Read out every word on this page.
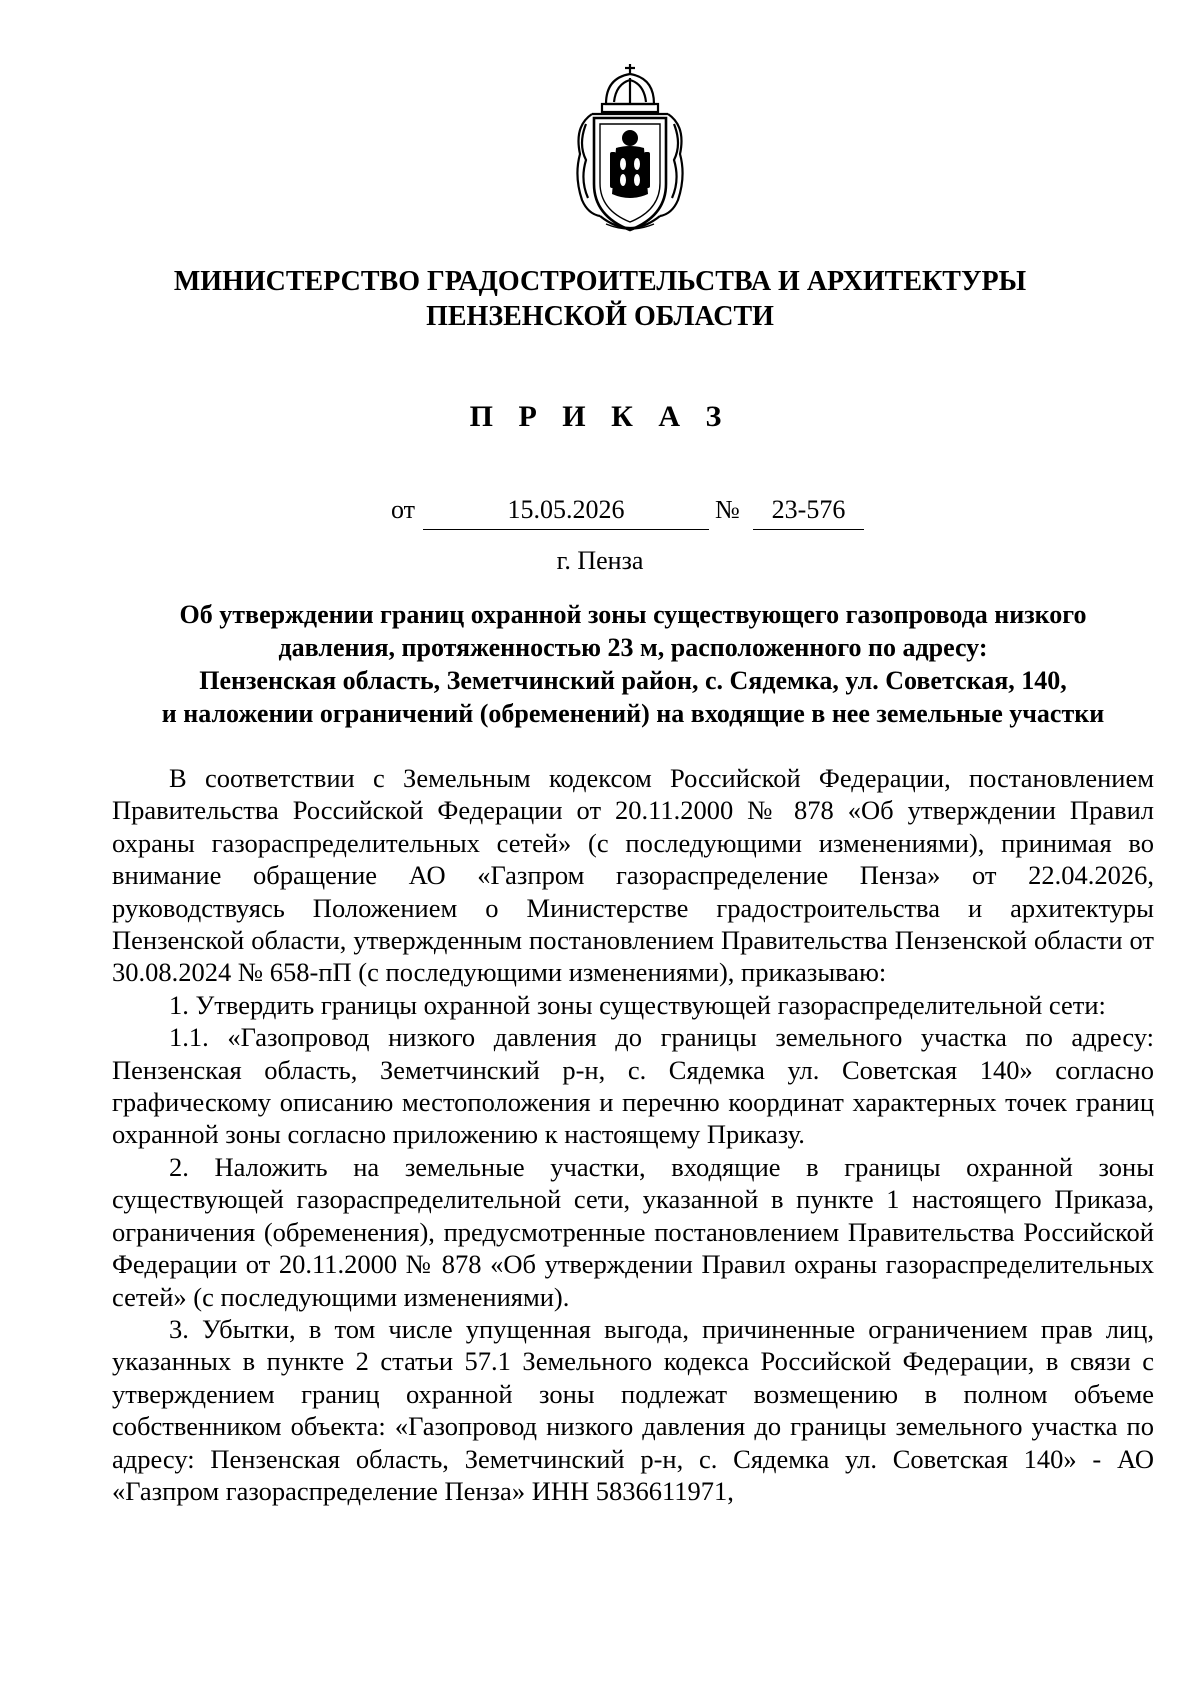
МИНИСТЕРСТВО ГРАДОСТРОИТЕЛЬСТВА И АРХИТЕКТУРЫ
ПЕНЗЕНСКОЙ ОБЛАСТИ
П Р И К А З
от	15.05.2026	№	23-576
г. Пенза
Об утверждении границ охранной зоны существующего газопровода низкого
давления, протяженностью 23 м, расположенного по адресу:
Пензенская область, Земетчинский район, с. Сядемка, ул. Советская, 140,
и наложении ограничений (обременений) на входящие в нее земельные участки

В соответствии с Земельным кодексом Российской Федерации, постановлением Правительства Российской Федерации от 20.11.2000 № 878 «Об утверждении Правил охраны газораспределительных сетей» (с последующими изменениями), принимая во внимание обращение АО «Газпром газораспределение Пенза» от 22.04.2026, руководствуясь Положением о Министерстве градостроительства и архитектуры Пензенской области, утвержденным постановлением Правительства Пензенской области от 30.08.2024 № 658-пП (с последующими изменениями), приказываю:

1. Утвердить границы охранной зоны существующей газораспределительной сети:

1.1. «Газопровод низкого давления до границы земельного участка по адресу: Пензенская область, Земетчинский р-н, с. Сядемка ул. Советская 140» согласно графическому описанию местоположения и перечню координат характерных точек границ охранной зоны согласно приложению к настоящему Приказу.

2. Наложить на земельные участки, входящие в границы охранной зоны существующей газораспределительной сети, указанной в пункте 1 настоящего Приказа, ограничения (обременения), предусмотренные постановлением Правительства Российской Федерации от 20.11.2000 № 878 «Об утверждении Правил охраны газораспределительных сетей» (с последующими изменениями).

3. Убытки, в том числе упущенная выгода, причиненные ограничением прав лиц, указанных в пункте 2 статьи 57.1 Земельного кодекса Российской Федерации, в связи с утверждением границ охранной зоны подлежат возмещению в полном объеме собственником объекта: «Газопровод низкого давления до границы земельного участка по адресу: Пензенская область, Земетчинский р-н, с. Сядемка ул. Советская 140» - АО «Газпром газораспределение Пенза» ИНН 5836611971,
